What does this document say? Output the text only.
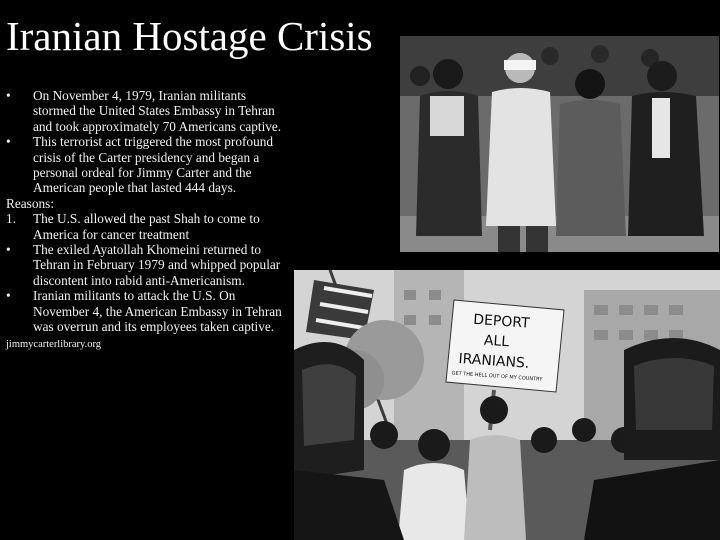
Iranian Hostage Crisis

• On November 4, 1979, Iranian militants stormed the United States Embassy in Tehran and took approximately 70 Americans captive.

• This terrorist act triggered the most profound crisis of the Carter presidency and began a personal ordeal for Jimmy Carter and the American people that lasted 444 days.

Reasons:

1. The U.S. allowed the past Shah to come to America for cancer treatment

• The exiled Ayatollah Khomeini returned to Tehran in February 1979 and whipped popular discontent into rabid anti-Americanism.

• Iranian militants to attack the U.S. On November 4, the American Embassy in Tehran was overrun and its employees taken captive.

jimmycarterlibrary.org

DEPORT
ALL
IRANIANS.
GET THE HELL OUT OF MY COUNTRY
